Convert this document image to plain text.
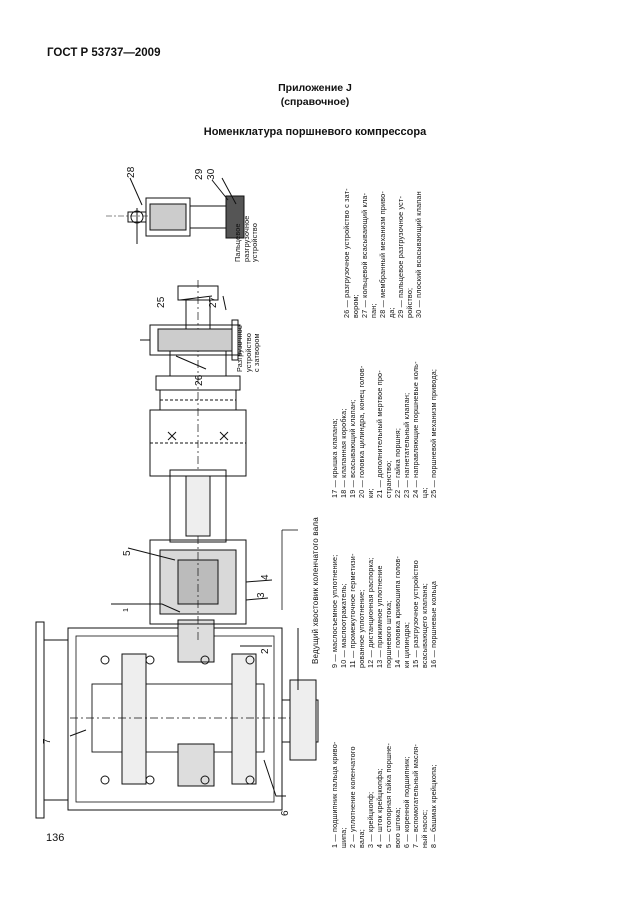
ГОСТ Р 53737—2009
Приложение J
(справочное)
Номенклатура поршневого компрессора
1
2
3
4
5
6
7
25
26
27
28	29 30
Ведущий хвостовик коленчатого вала
Разгрузочное устройство с затвором
Пальцевое разгрузочное устройство
1 — подшипник пальца криво- шипа; 2 — уплотнение коленчатого вала; 3 — крейцкопф; 4 — шток крейцкопфа; 5 — стопорная гайка поршне- вого штока; 6 — коренной подшипник; 7 — вспомогательный масля- ный насос; 8 — башмак крейцкопа;
9 — маслосъемное уплотнение; 10 — маслоотражатель; 11 — промежуточное герметизи- рованное уплотнение; 12 — дистанционная распорка; 13 — прижимное уплотнение поршневого штока; 14 — головка кривошипа голов- ки цилиндра; 15 — разгрузочное устройство всасывающего клапана; 16 — поршневые кольца
17 — крышка клапана; 18 — клапанная коробка; 19 — всасывающий клапан; 20 — головка цилиндра, конец голов- ки; 21 — дополнительный мертвое про- странство; 22 — гайка поршня; 23 — нагнетательный клапан; 24 — направляющие поршневые коль- ца; 25 — поршневой механизм привода;
26 — разгрузочное устройство с зат- вором; 27 — кольцевой всасывающий кла- пан; 28 — мембранный механизм приво- да; 29 — пальцевое разгрузочное уст- ройство; 30 — плоский всасывающий клапан
136
